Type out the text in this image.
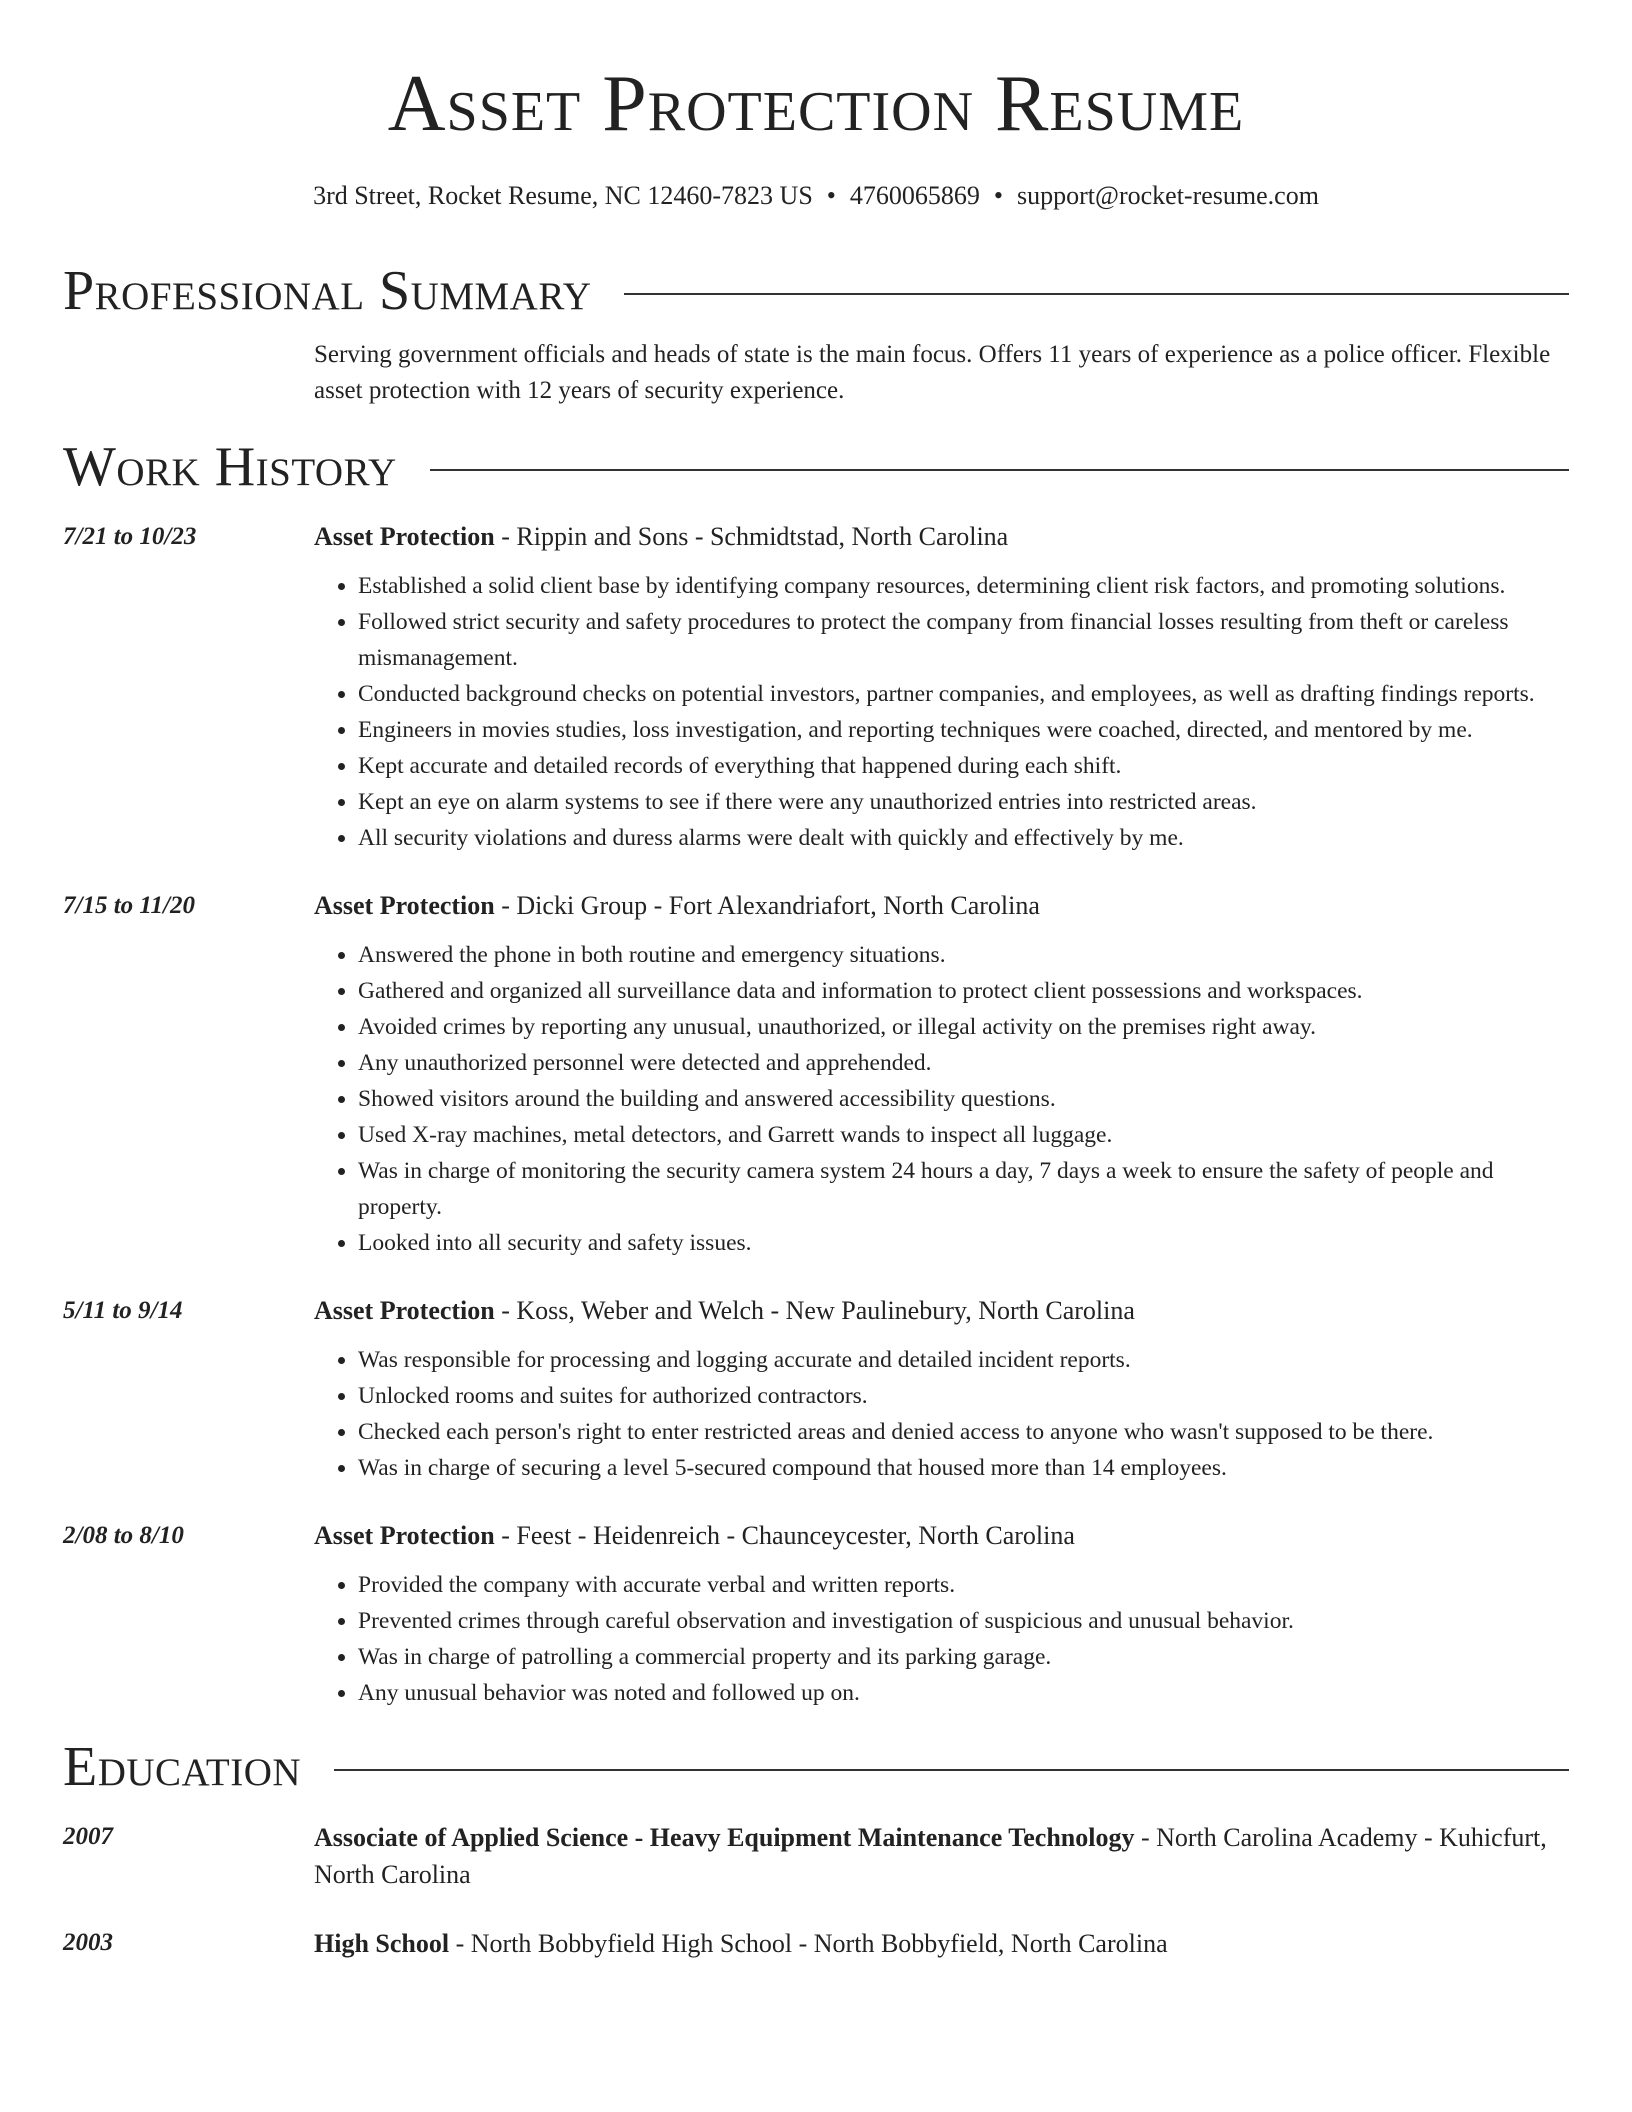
Asset Protection Resume
3rd Street, Rocket Resume, NC 12460-7823 US • 4760065869 • support@rocket-resume.com
Professional Summary

Serving government officials and heads of state is the main focus. Offers 11 years of experience as a police officer. Flexible asset protection with 12 years of security experience.

Work History
7/21 to 10/23	Asset Protection - Rippin and Sons - Schmidtstad, North Carolina
• Established a solid client base by identifying company resources, determining client risk factors, and promoting solutions.
• Followed strict security and safety procedures to protect the company from financial losses resulting from theft or careless mismanagement.
• Conducted background checks on potential investors, partner companies, and employees, as well as drafting findings reports.
• Engineers in movies studies, loss investigation, and reporting techniques were coached, directed, and mentored by me.
• Kept accurate and detailed records of everything that happened during each shift.
• Kept an eye on alarm systems to see if there were any unauthorized entries into restricted areas.
• All security violations and duress alarms were dealt with quickly and effectively by me.
7/15 to 11/20	Asset Protection - Dicki Group - Fort Alexandriafort, North Carolina
• Answered the phone in both routine and emergency situations.
• Gathered and organized all surveillance data and information to protect client possessions and workspaces.
• Avoided crimes by reporting any unusual, unauthorized, or illegal activity on the premises right away.
• Any unauthorized personnel were detected and apprehended.
• Showed visitors around the building and answered accessibility questions.
• Used X-ray machines, metal detectors, and Garrett wands to inspect all luggage.
• Was in charge of monitoring the security camera system 24 hours a day, 7 days a week to ensure the safety of people and property.
• Looked into all security and safety issues.
5/11 to 9/14	Asset Protection - Koss, Weber and Welch - New Paulinebury, North Carolina
• Was responsible for processing and logging accurate and detailed incident reports.
• Unlocked rooms and suites for authorized contractors.
• Checked each person's right to enter restricted areas and denied access to anyone who wasn't supposed to be there.
• Was in charge of securing a level 5-secured compound that housed more than 14 employees.
2/08 to 8/10	Asset Protection - Feest - Heidenreich - Chaunceycester, North Carolina
• Provided the company with accurate verbal and written reports.
• Prevented crimes through careful observation and investigation of suspicious and unusual behavior.
• Was in charge of patrolling a commercial property and its parking garage.
• Any unusual behavior was noted and followed up on.
Education
2007	Associate of Applied Science - Heavy Equipment Maintenance Technology - North Carolina Academy - Kuhicfurt, North Carolina
2003	High School - North Bobbyfield High School - North Bobbyfield, North Carolina
